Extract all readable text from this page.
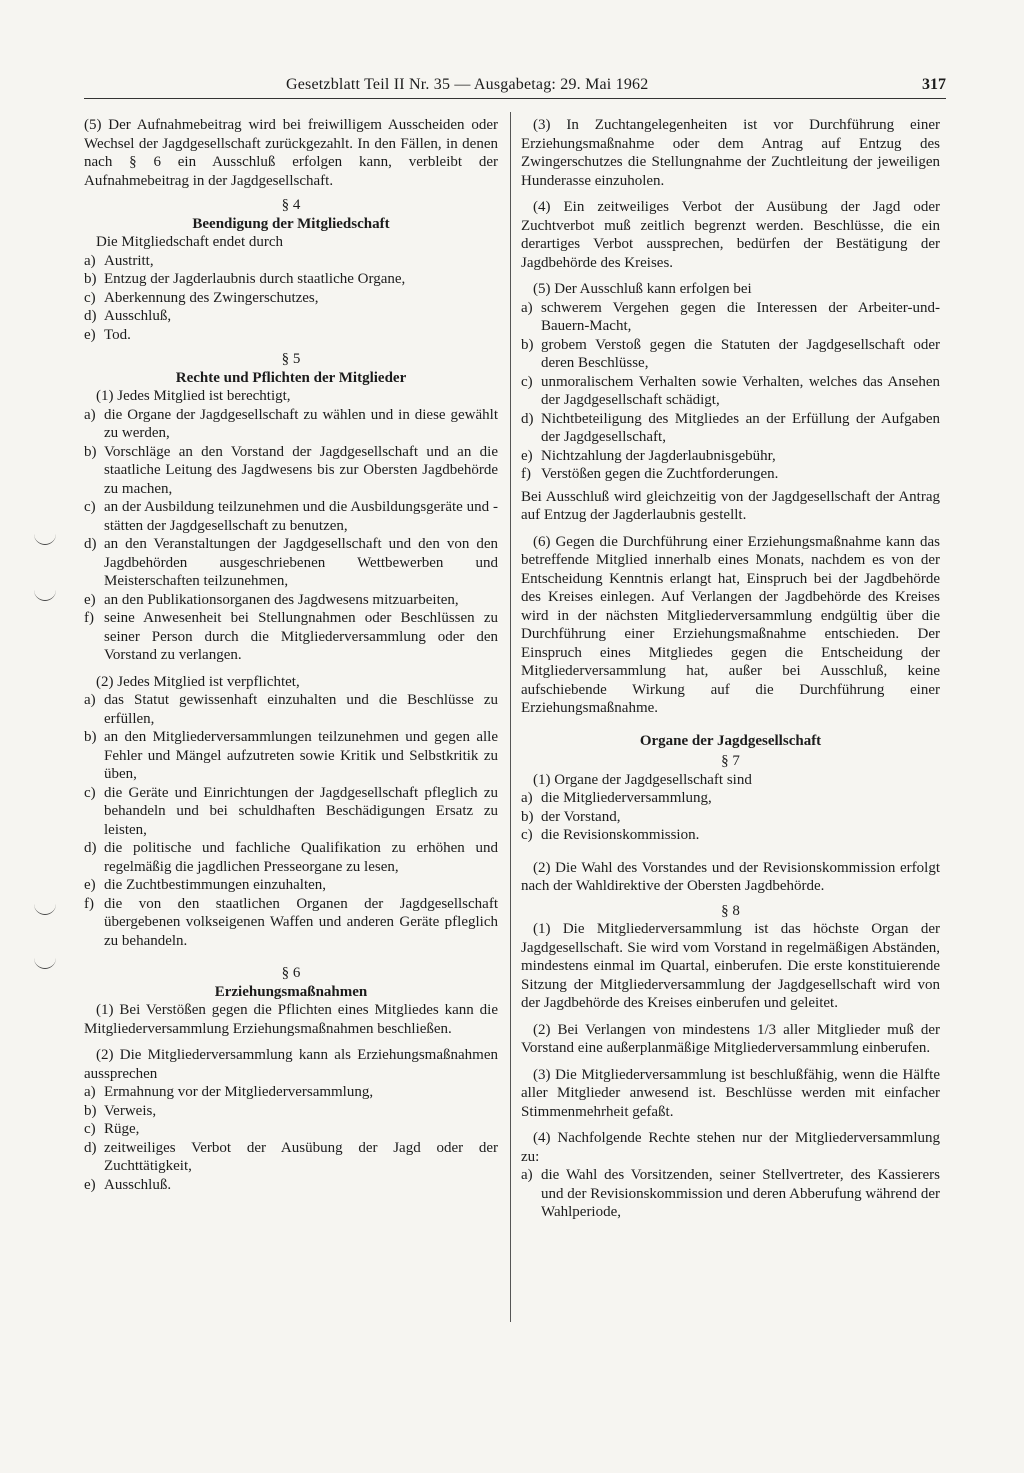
Gesetzblatt Teil II Nr. 35 — Ausgabetag: 29. Mai 1962	317

(5) Der Aufnahmebeitrag wird bei freiwilligem Ausscheiden oder Wechsel der Jagdgesellschaft zurückgezahlt. In den Fällen, in denen nach § 6 ein Ausschluß erfolgen kann, verbleibt der Aufnahmebeitrag in der Jagdgesellschaft.

§ 4

Beendigung der Mitgliedschaft

Die Mitgliedschaft endet durch

a) Austritt,
b) Entzug der Jagderlaubnis durch staatliche Organe,
c) Aberkennung des Zwingerschutzes,
d) Ausschluß,
e) Tod.

§ 5

Rechte und Pflichten der Mitglieder

(1) Jedes Mitglied ist berechtigt,

a) die Organe der Jagdgesellschaft zu wählen und in diese gewählt zu werden,
b) Vorschläge an den Vorstand der Jagdgesellschaft und an die staatliche Leitung des Jagdwesens bis zur Obersten Jagdbehörde zu machen,
c) an der Ausbildung teilzunehmen und die Ausbildungsgeräte und -stätten der Jagdgesellschaft zu benutzen,
d) an den Veranstaltungen der Jagdgesellschaft und den von den Jagdbehörden ausgeschriebenen Wettbewerben und Meisterschaften teilzunehmen,
e) an den Publikationsorganen des Jagdwesens mitzuarbeiten,
f) seine Anwesenheit bei Stellungnahmen oder Beschlüssen zu seiner Person durch die Mitgliederversammlung oder den Vorstand zu verlangen.

(2) Jedes Mitglied ist verpflichtet,

a) das Statut gewissenhaft einzuhalten und die Beschlüsse zu erfüllen,
b) an den Mitgliederversammlungen teilzunehmen und gegen alle Fehler und Mängel aufzutreten sowie Kritik und Selbstkritik zu üben,
c) die Geräte und Einrichtungen der Jagdgesellschaft pfleglich zu behandeln und bei schuldhaften Beschädigungen Ersatz zu leisten,
d) die politische und fachliche Qualifikation zu erhöhen und regelmäßig die jagdlichen Presseorgane zu lesen,
e) die Zuchtbestimmungen einzuhalten,
f) die von den staatlichen Organen der Jagdgesellschaft übergebenen volkseigenen Waffen und anderen Geräte pfleglich zu behandeln.

§ 6

Erziehungsmaßnahmen

(1) Bei Verstößen gegen die Pflichten eines Mitgliedes kann die Mitgliederversammlung Erziehungsmaßnahmen beschließen.

(2) Die Mitgliederversammlung kann als Erziehungsmaßnahmen aussprechen

a) Ermahnung vor der Mitgliederversammlung,
b) Verweis,
c) Rüge,
d) zeitweiliges Verbot der Ausübung der Jagd oder der Zuchttätigkeit,
e) Ausschluß.

(3) In Zuchtangelegenheiten ist vor Durchführung einer Erziehungsmaßnahme oder dem Antrag auf Entzug des Zwingerschutzes die Stellungnahme der Zuchtleitung der jeweiligen Hunderasse einzuholen.

(4) Ein zeitweiliges Verbot der Ausübung der Jagd oder Zuchtverbot muß zeitlich begrenzt werden. Beschlüsse, die ein derartiges Verbot aussprechen, bedürfen der Bestätigung der Jagdbehörde des Kreises.

(5) Der Ausschluß kann erfolgen bei

a) schwerem Vergehen gegen die Interessen der Arbeiter-und-Bauern-Macht,
b) grobem Verstoß gegen die Statuten der Jagdgesellschaft oder deren Beschlüsse,
c) unmoralischem Verhalten sowie Verhalten, welches das Ansehen der Jagdgesellschaft schädigt,
d) Nichtbeteiligung des Mitgliedes an der Erfüllung der Aufgaben der Jagdgesellschaft,
e) Nichtzahlung der Jagderlaubnisgebühr,
f) Verstößen gegen die Zuchtforderungen.

Bei Ausschluß wird gleichzeitig von der Jagdgesellschaft der Antrag auf Entzug der Jagderlaubnis gestellt.

(6) Gegen die Durchführung einer Erziehungsmaßnahme kann das betreffende Mitglied innerhalb eines Monats, nachdem es von der Entscheidung Kenntnis erlangt hat, Einspruch bei der Jagdbehörde des Kreises einlegen. Auf Verlangen der Jagdbehörde des Kreises wird in der nächsten Mitgliederversammlung endgültig über die Durchführung einer Erziehungsmaßnahme entschieden. Der Einspruch eines Mitgliedes gegen die Entscheidung der Mitgliederversammlung hat, außer bei Ausschluß, keine aufschiebende Wirkung auf die Durchführung einer Erziehungsmaßnahme.

Organe der Jagdgesellschaft

§ 7

(1) Organe der Jagdgesellschaft sind

a) die Mitgliederversammlung,
b) der Vorstand,
c) die Revisionskommission.

(2) Die Wahl des Vorstandes und der Revisionskommission erfolgt nach der Wahldirektive der Obersten Jagdbehörde.

§ 8

(1) Die Mitgliederversammlung ist das höchste Organ der Jagdgesellschaft. Sie wird vom Vorstand in regelmäßigen Abständen, mindestens einmal im Quartal, einberufen. Die erste konstituierende Sitzung der Mitgliederversammlung der Jagdgesellschaft wird von der Jagdbehörde des Kreises einberufen und geleitet.

(2) Bei Verlangen von mindestens 1/3 aller Mitglieder muß der Vorstand eine außerplanmäßige Mitgliederversammlung einberufen.

(3) Die Mitgliederversammlung ist beschlußfähig, wenn die Hälfte aller Mitglieder anwesend ist. Beschlüsse werden mit einfacher Stimmenmehrheit gefaßt.

(4) Nachfolgende Rechte stehen nur der Mitgliederversammlung zu:

a) die Wahl des Vorsitzenden, seiner Stellvertreter, des Kassierers und der Revisionskommission und deren Abberufung während der Wahlperiode,
